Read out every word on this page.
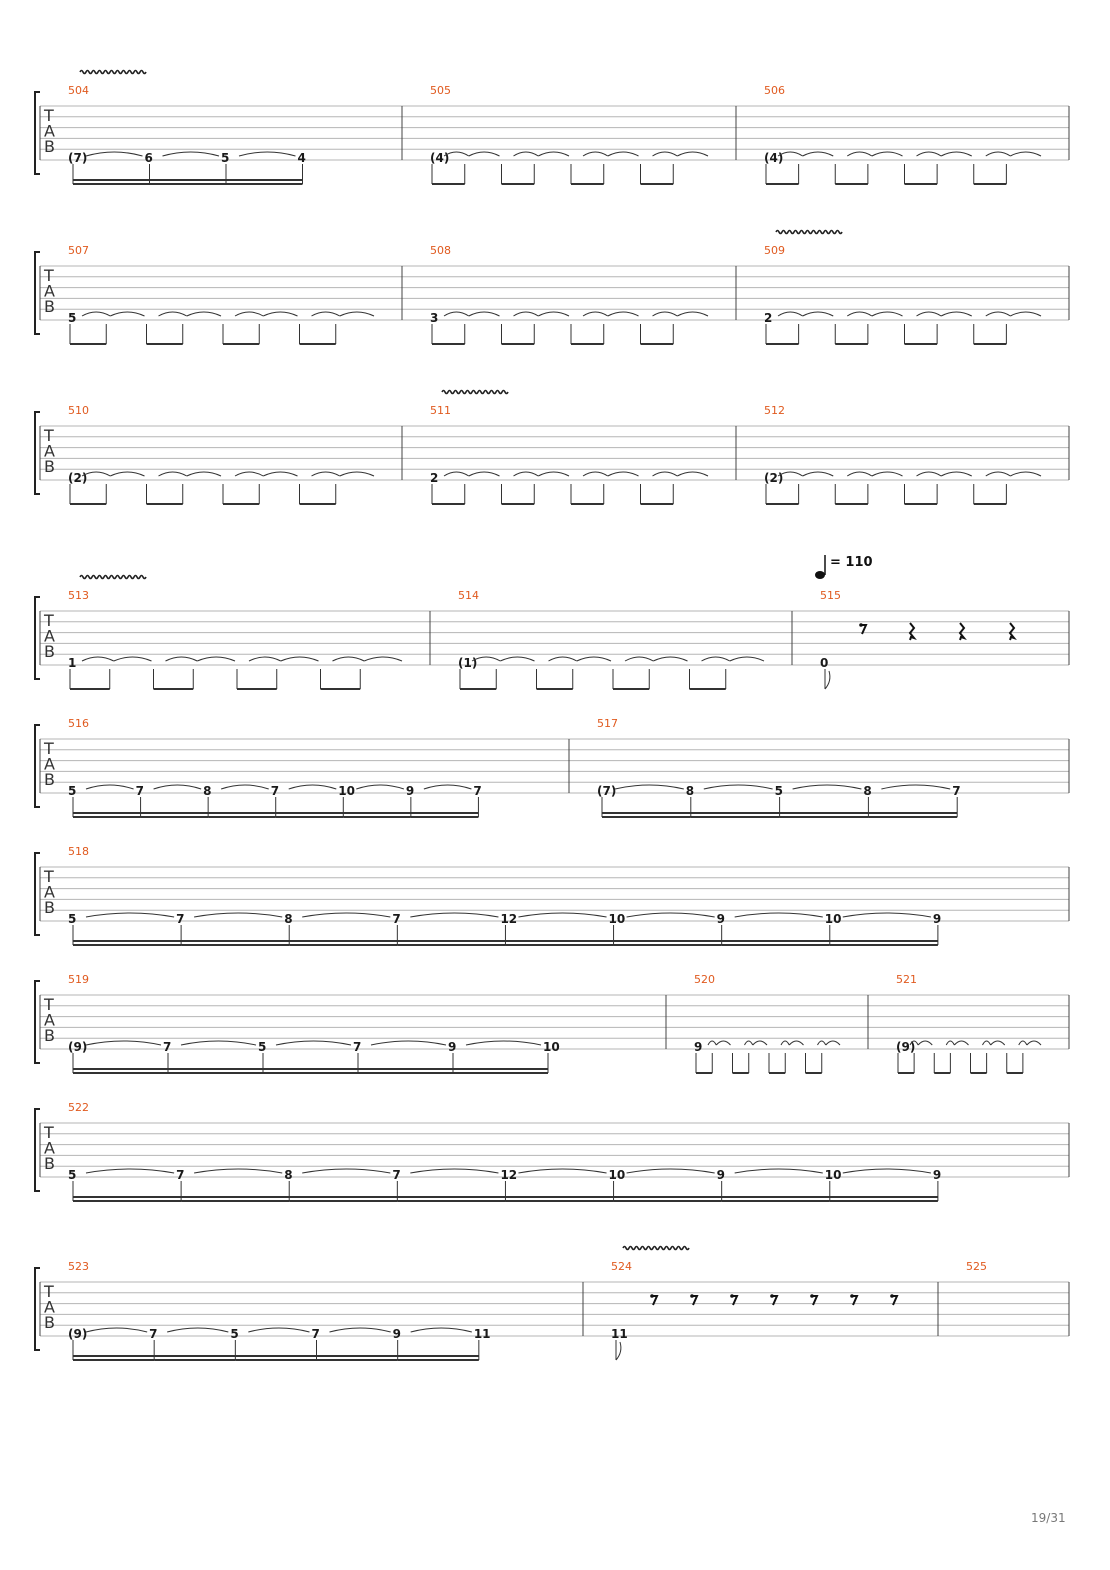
T
A
B
504
(7)	6	5	4
505
(4)
506
(4)
T
A
B
507
5
508
3
509
2
T
A
B
510
(2)
511
2
512
(2)
T
A
B
513
1
514
(1)
515
= 110
0
T
A
B
516
5	7	8	7	10	9	7
517
(7)	8	5	8	7
T
A
B
518
5	7	8	7	12	10	9	10	9
T
A
B
519
(9)	7	5	7	9	10
520
9
521
(9)
T
A
B
522
5	7	8	7	12	10	9	10	9
T
A
B
523
(9)	7	5	7	9	11
524
11
525
19/31
